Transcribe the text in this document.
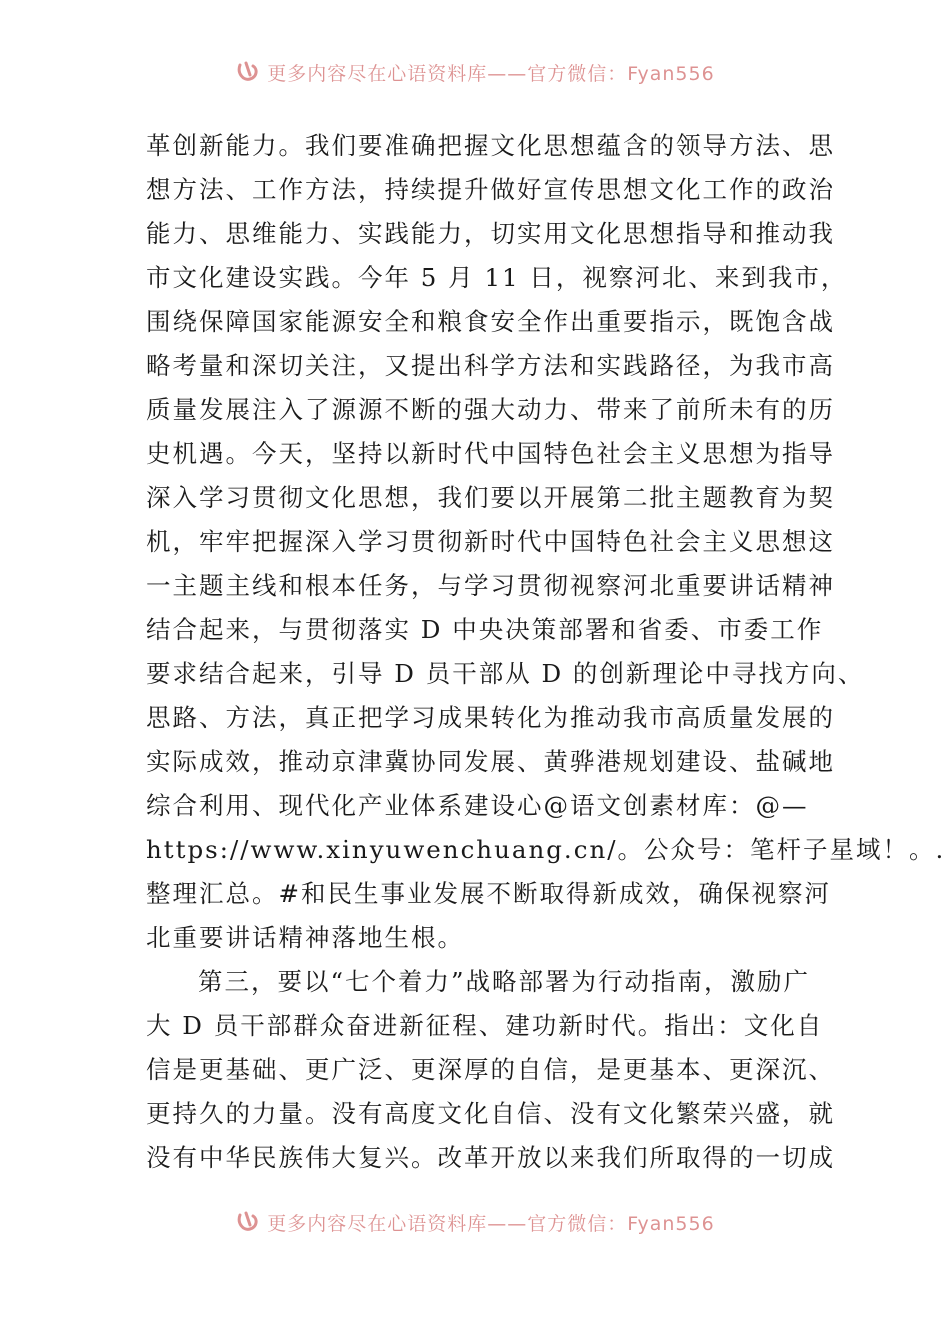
更多内容尽在心语资料库——官方微信：Fyan556

革创新能力。我们要准确把握文化思想蕴含的领导方法、思
想方法、工作方法，持续提升做好宣传思想文化工作的政治
能力、思维能力、实践能力，切实用文化思想指导和推动我
市文化建设实践。今年 5 月 11 日，视察河北、来到我市，
围绕保障国家能源安全和粮食安全作出重要指示，既饱含战
略考量和深切关注，又提出科学方法和实践路径，为我市高
质量发展注入了源源不断的强大动力、带来了前所未有的历
史机遇。今天，坚持以新时代中国特色社会主义思想为指导
深入学习贯彻文化思想，我们要以开展第二批主题教育为契
机，牢牢把握深入学习贯彻新时代中国特色社会主义思想这
一主题主线和根本任务，与学习贯彻视察河北重要讲话精神
结合起来，与贯彻落实 D 中央决策部署和省委、市委工作
要求结合起来，引导 D 员干部从 D 的创新理论中寻找方向、
思路、方法，真正把学习成果转化为推动我市高质量发展的
实际成效，推动京津冀协同发展、黄骅港规划建设、盐碱地
综合利用、现代化产业体系建设心@语文创素材库：@—
https://www.xinyuwenchuang.cn/。公众号：笔杆子星域！。.
整理汇总。#和民生事业发展不断取得新成效，确保视察河
北重要讲话精神落地生根。

第三，要以“七个着力”战略部署为行动指南，激励广
大 D 员干部群众奋进新征程、建功新时代。指出：文化自
信是更基础、更广泛、更深厚的自信，是更基本、更深沉、
更持久的力量。没有高度文化自信、没有文化繁荣兴盛，就
没有中华民族伟大复兴。改革开放以来我们所取得的一切成

更多内容尽在心语资料库——官方微信：Fyan556
